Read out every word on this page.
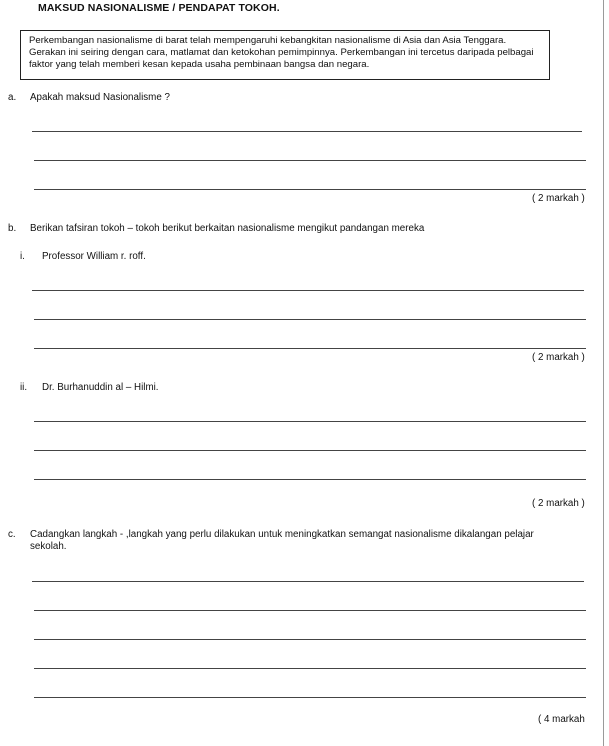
MAKSUD NASIONALISME / PENDAPAT TOKOH.
Perkembangan nasionalisme di barat telah mempengaruhi kebangkitan nasionalisme di Asia dan Asia Tenggara. Gerakan ini seiring dengan cara, matlamat dan ketokohan pemimpinnya. Perkembangan ini tercetus daripada pelbagai faktor yang telah memberi kesan kepada usaha pembinaan bangsa dan negara.
a. Apakah maksud Nasionalisme ?
( 2 markah )
b. Berikan tafsiran tokoh – tokoh berikut berkaitan nasionalisme mengikut pandangan mereka
i. Professor William r. roff.
( 2 markah )
ii. Dr. Burhanuddin al – Hilmi.
( 2 markah )
c. Cadangkan langkah - ,langkah yang perlu dilakukan untuk meningkatkan semangat nasionalisme dikalangan pelajar sekolah.
( 4 markah
